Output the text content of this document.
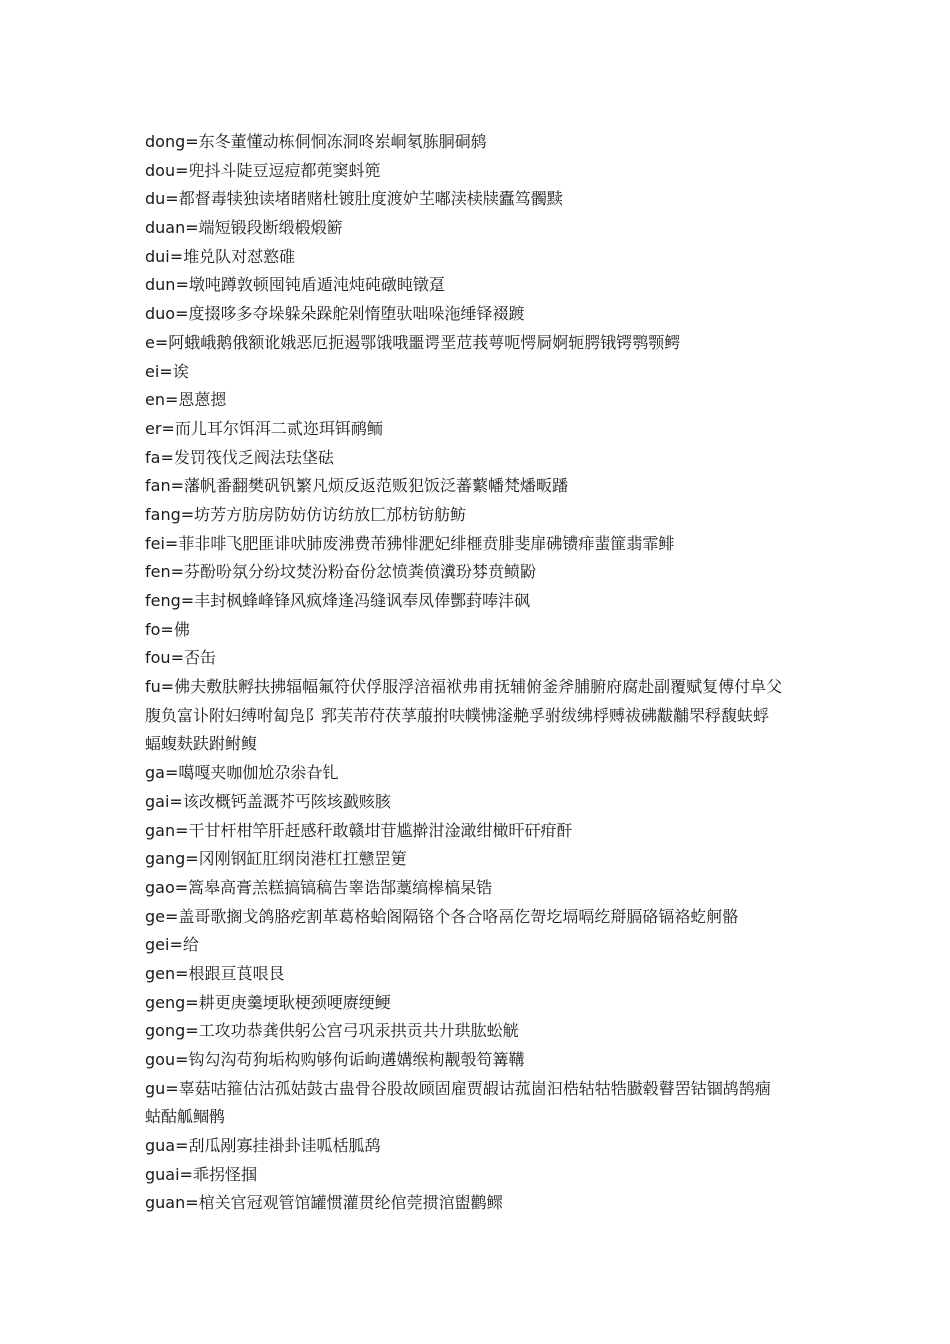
dong=东冬董懂动栋侗恫冻洞咚岽峒氡胨胴硐鸫
dou=兜抖斗陡豆逗痘都蔸窦蚪篼
du=都督毒犊独读堵睹赌杜镀肚度渡妒芏嘟渎椟牍蠹笃髑黩
duan=端短锻段断缎椴煅簖
dui=堆兑队对怼憝碓
dun=墩吨蹲敦顿囤钝盾遁沌炖砘礅盹镦趸
duo=度掇哆多夺垛躲朵跺舵剁惰堕驮咄哚沲缍铎裰踱
e=阿蛾峨鹅俄额讹娥恶厄扼遏鄂饿哦噩谔垩苊莪萼呃愕屙婀轭腭锇锷鹗颚鳄
ei=诶
en=恩蒽摁
er=而儿耳尔饵洱二贰迩珥铒鸸鲕
fa=发罚筏伐乏阀法珐垡砝
fan=藩帆番翻樊矾钒繁凡烦反返范贩犯饭泛蕃蘩幡梵燔畈蹯
fang=坊芳方肪房防妨仿访纺放匚邡枋钫舫鲂
fei=菲非啡飞肥匪诽吠肺废沸费芾狒悱淝妃绯榧贲腓斐扉砩镄痱蜚篚翡霏鲱
fen=芬酚吩氛分纷坟焚汾粉奋份忿愤粪偾瀵玢棼贲鲼鼢
feng=丰封枫蜂峰锋风疯烽逢冯缝讽奉凤俸酆葑唪沣砜
fo=佛
fou=否缶
fu=佛夫敷肤孵扶拂辐幅氟符伏俘服浮涪福袱弗甫抚辅俯釜斧脯腑府腐赴副覆赋复傅付阜父
腹负富讣附妇缚咐匐凫阝郛芙芾苻茯莩菔拊呋幞怫滏艴孚驸绂绋桴赙祓砩黻黼罘稃馥蚨蜉
蝠蝮麸趺跗鲋鳆
ga=噶嘎夹咖伽尬尕尜旮钆
gai=该改概钙盖溉芥丐陔垓戤赅胲
gan=干甘杆柑竿肝赶感秆敢赣坩苷尴擀泔淦澉绀橄旰矸疳酐
gang=冈刚钢缸肛纲岗港杠扛戆罡筻
gao=篙皋高膏羔糕搞镐稿告睾诰郜藁缟槔槁杲锆
ge=盖哥歌搁戈鸽胳疙割革葛格蛤阁隔铬个各合咯鬲仡哿圪塥嗝纥搿膈硌镉袼虼舸骼
gei=给
gen=根跟亘茛哏艮
geng=耕更庚羹埂耿梗颈哽赓绠鲠
gong=工攻功恭龚供躬公宫弓巩汞拱贡共廾珙肱蚣觥
gou=钩勾沟苟狗垢构购够佝诟岣遘媾缑枸觏彀笱篝鞲
gu=辜菇咕箍估沽孤姑鼓古蛊骨谷股故顾固雇贾嘏诂菰崮汩梏轱牯牿臌毂瞽罟钴锢鸪鹄痼
蛄酤觚鲴鹘
gua=刮瓜剐寡挂褂卦诖呱栝胍鸹
guai=乖拐怪掴
guan=棺关官冠观管馆罐惯灌贯纶倌莞掼涫盥鹳鳏
